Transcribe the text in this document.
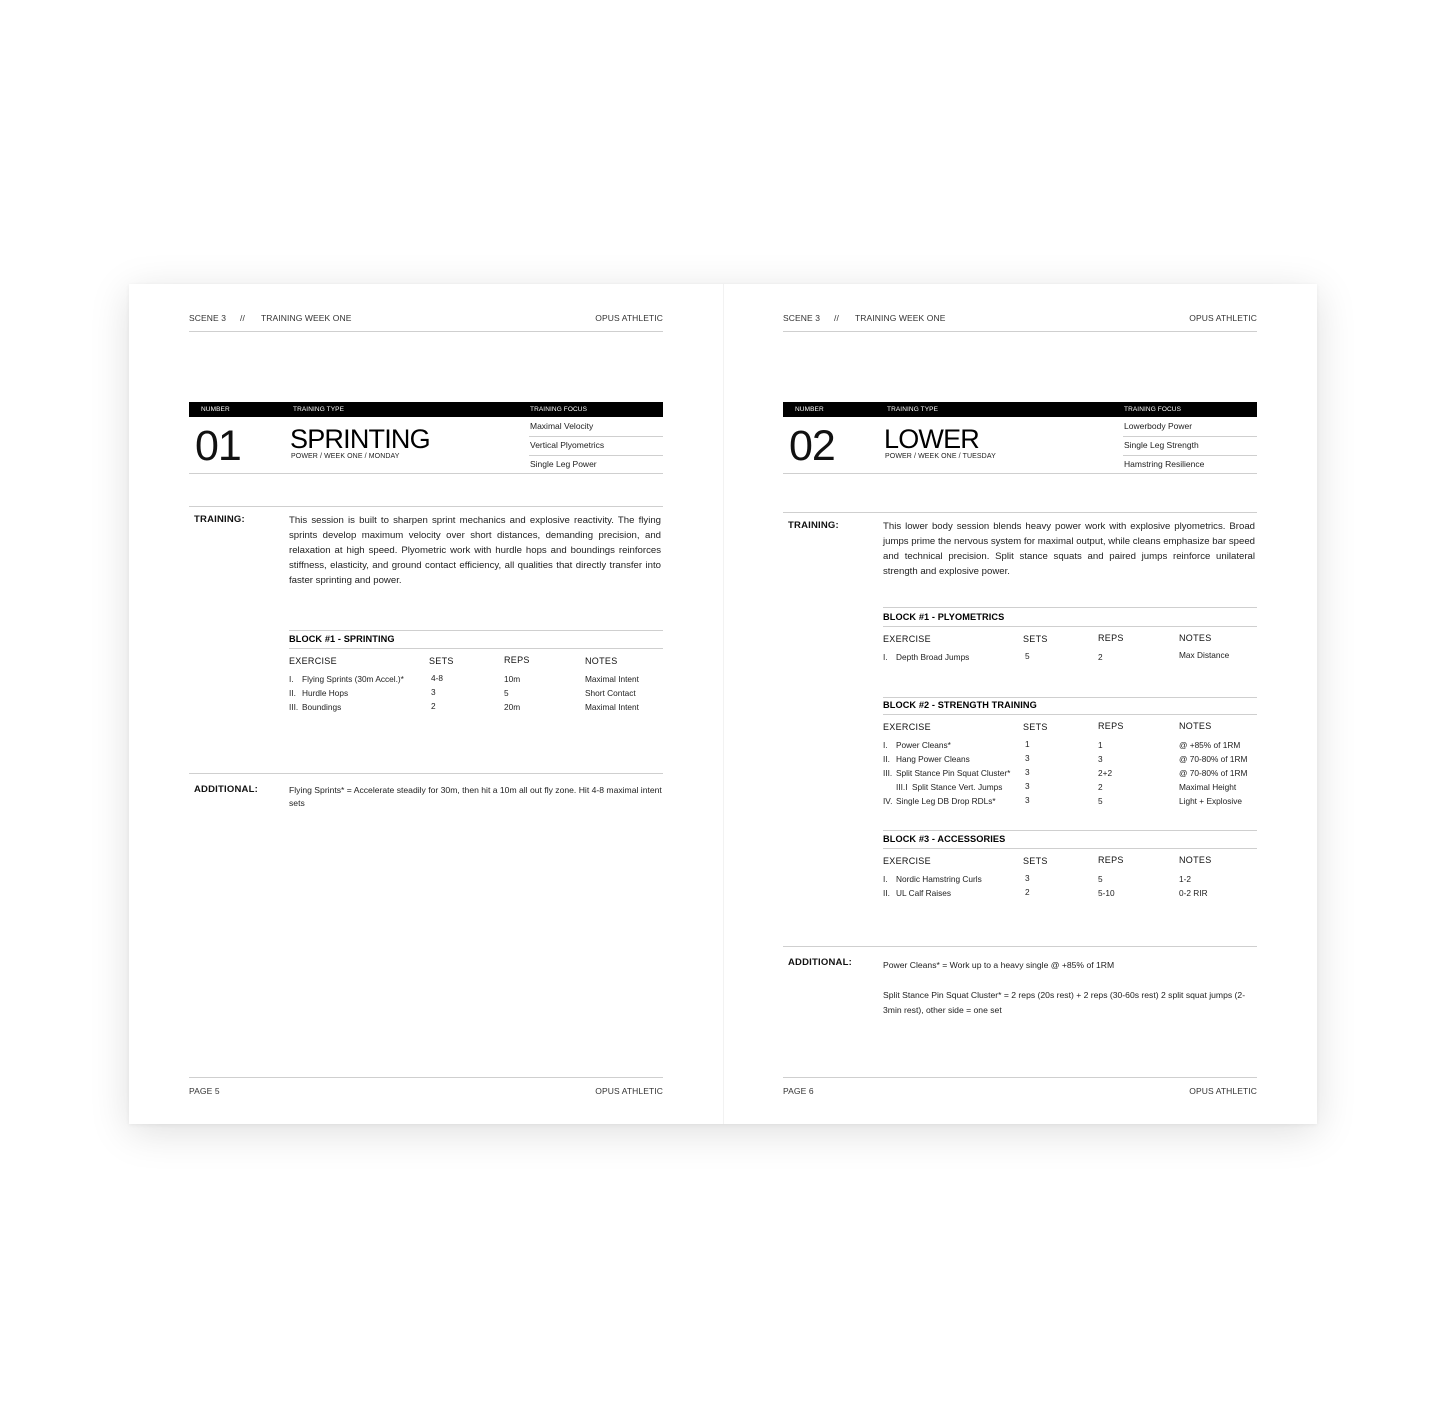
SCENE 3 // TRAINING WEEK ONE	OPUS ATHLETIC
NUMBER	TRAINING TYPE	TRAINING FOCUS
01 SPRINTING
POWER / WEEK ONE / MONDAY
Maximal Velocity
Vertical Plyometrics
Single Leg Power
TRAINING:	This session is built to sharpen sprint mechanics and explosive reactivity. The flying sprints develop maximum velocity over short distances, demanding precision, and relaxation at high speed. Plyometric work with hurdle hops and boundings reinforces stiffness, elasticity, and ground contact efficiency, all qualities that directly transfer into faster sprinting and power.
BLOCK #1 - SPRINTING
EXERCISE	SETS	REPS	NOTES
I. Flying Sprints (30m Accel.)*	4-8	10m	Maximal Intent
II. Hurdle Hops	3	5	Short Contact
III. Boundings	2	20m	Maximal Intent
ADDITIONAL:	Flying Sprints* = Accelerate steadily for 30m, then hit a 10m all out fly zone. Hit 4-8 maximal intent sets
PAGE 5	OPUS ATHLETIC
SCENE 3 // TRAINING WEEK ONE	OPUS ATHLETIC
NUMBER	TRAINING TYPE	TRAINING FOCUS
02 LOWER
POWER / WEEK ONE / TUESDAY
Lowerbody Power
Single Leg Strength
Hamstring Resilience
TRAINING:	This lower body session blends heavy power work with explosive plyometrics. Broad jumps prime the nervous system for maximal output, while cleans emphasize bar speed and technical precision. Split stance squats and paired jumps reinforce unilateral strength and explosive power.
BLOCK #1 - PLYOMETRICS
EXERCISE	SETS	REPS	NOTES
I. Depth Broad Jumps	5	2	Max Distance
BLOCK #2 - STRENGTH TRAINING
EXERCISE	SETS	REPS	NOTES
I. Power Cleans*	1	1	@ +85% of 1RM
II. Hang Power Cleans	3	3	@ 70-80% of 1RM
III. Split Stance Pin Squat Cluster* 3	2+2	@ 70-80% of 1RM
III.I Split Stance Vert. Jumps	3	2	Maximal Height
IV. Single Leg DB Drop RDLs*	3	5	Light + Explosive
BLOCK #3 - ACCESSORIES
EXERCISE	SETS	REPS	NOTES
I. Nordic Hamstring Curls	3	5	1-2
II. UL Calf Raises	2	5-10	0-2 RIR
ADDITIONAL:	Power Cleans* = Work up to a heavy single @ +85% of 1RM
Split Stance Pin Squat Cluster* = 2 reps (20s rest) + 2 reps (30-60s rest) 2 split squat jumps (2-3min rest), other side = one set
PAGE 6	OPUS ATHLETIC
